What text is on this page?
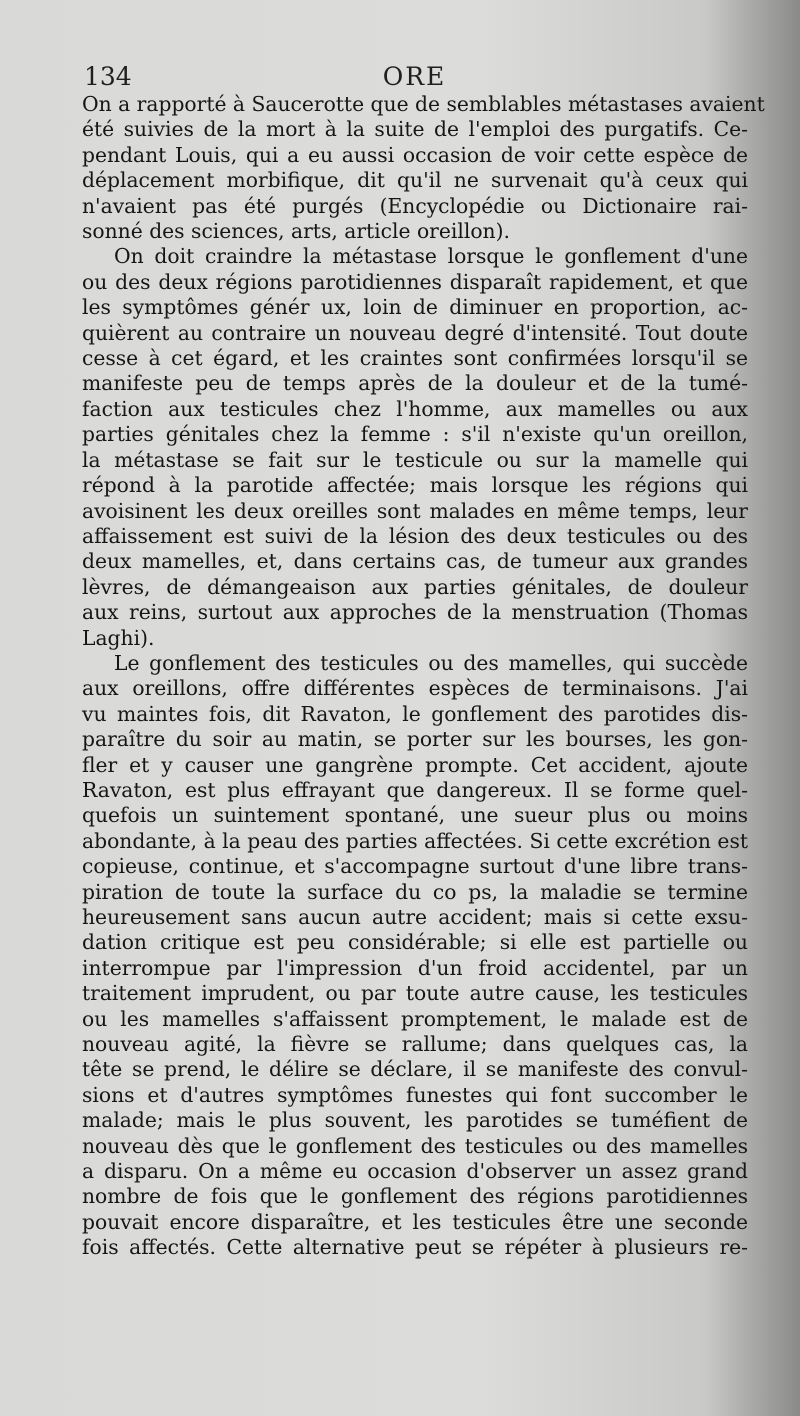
134	ORE
On a rapporté à Saucerotte que de semblables métastases avaient
été suivies de la mort à la suite de l'emploi des purgatifs. Ce-
pendant Louis, qui a eu aussi occasion de voir cette espèce de
déplacement morbifique, dit qu'il ne survenait qu'à ceux qui
n'avaient pas été purgés (Encyclopédie ou Dictionaire rai-
sonné des sciences, arts, article oreillon).
On doit craindre la métastase lorsque le gonflement d'une
ou des deux régions parotidiennes disparaît rapidement, et que
les symptômes génér ux, loin de diminuer en proportion, ac-
quièrent au contraire un nouveau degré d'intensité. Tout doute
cesse à cet égard, et les craintes sont confirmées lorsqu'il se
manifeste peu de temps après de la douleur et de la tumé-
faction aux testicules chez l'homme, aux mamelles ou aux
parties génitales chez la femme : s'il n'existe qu'un oreillon,
la métastase se fait sur le testicule ou sur la mamelle qui
répond à la parotide affectée; mais lorsque les régions qui
avoisinent les deux oreilles sont malades en même temps, leur
affaissement est suivi de la lésion des deux testicules ou des
deux mamelles, et, dans certains cas, de tumeur aux grandes
lèvres, de démangeaison aux parties génitales, de douleur
aux reins, surtout aux approches de la menstruation (Thomas
Laghi).
Le gonflement des testicules ou des mamelles, qui succède
aux oreillons, offre différentes espèces de terminaisons. J'ai
vu maintes fois, dit Ravaton, le gonflement des parotides dis-
paraître du soir au matin, se porter sur les bourses, les gon-
fler et y causer une gangrène prompte. Cet accident, ajoute
Ravaton, est plus effrayant que dangereux. Il se forme quel-
quefois un suintement spontané, une sueur plus ou moins
abondante, à la peau des parties affectées. Si cette excrétion est
copieuse, continue, et s'accompagne surtout d'une libre trans-
piration de toute la surface du co ps, la maladie se termine
heureusement sans aucun autre accident; mais si cette exsu-
dation critique est peu considérable; si elle est partielle ou
interrompue par l'impression d'un froid accidentel, par un
traitement imprudent, ou par toute autre cause, les testicules
ou les mamelles s'affaissent promptement, le malade est de
nouveau agité, la fièvre se rallume; dans quelques cas, la
tête se prend, le délire se déclare, il se manifeste des convul-
sions et d'autres symptômes funestes qui font succomber le
malade; mais le plus souvent, les parotides se tuméfient de
nouveau dès que le gonflement des testicules ou des mamelles
a disparu. On a même eu occasion d'observer un assez grand
nombre de fois que le gonflement des régions parotidiennes
pouvait encore disparaître, et les testicules être une seconde
fois affectés. Cette alternative peut se répéter à plusieurs re-
